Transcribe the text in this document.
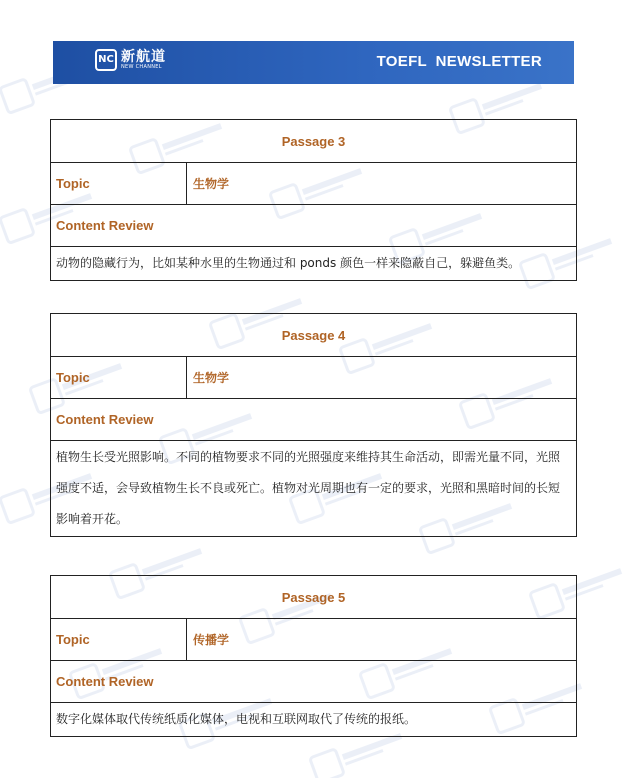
NC 新航道
NEW CHANNEL	TOEFL  NEWSLETTER
Passage 3
Topic	生物学
Content Review
动物的隐藏行为，比如某种水里的生物通过和 ponds 颜色一样来隐蔽自己，躲避鱼类。
Passage 4
Topic	生物学
Content Review
植物生长受光照影响。不同的植物要求不同的光照强度来维持其生命活动，即需光量不同，光照强度不适，会导致植物生长不良或死亡。植物对光周期也有一定的要求，光照和黑暗时间的长短影响着开花。
Passage 5
Topic	传播学
Content Review
数字化媒体取代传统纸质化媒体，电视和互联网取代了传统的报纸。
